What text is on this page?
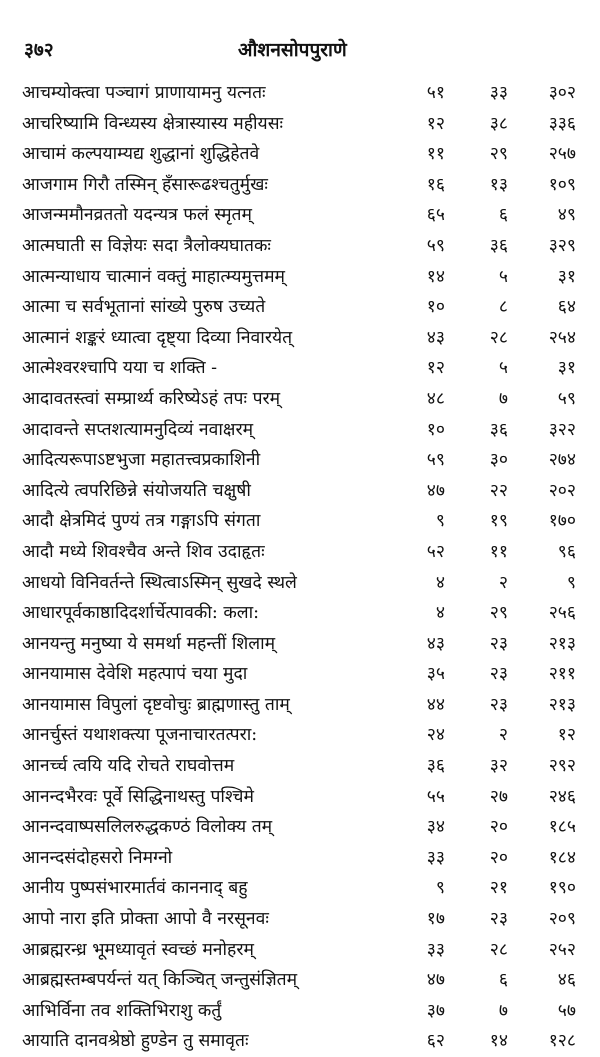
३७२	औशनसोपपुराणे
आचम्योक्त्वा पञ्चागं प्राणायामनु यत्नतः	५१	३३	३०२
आचरिष्यामि विन्ध्यस्य क्षेत्रास्यास्य महीयसः	१२	३८	३३६
आचामं कल्पयाम्यद्य शुद्धानां शुद्धिहेतवे	११	२९	२५७
आजगाम गिरौ तस्मिन् हँसारूढश्चतुर्मुखः	१६	१३	१०९
आजन्ममौनव्रततो यदन्यत्र फलं स्मृतम्	६५	६	४९
आत्मघाती स विज्ञेयः सदा त्रैलोक्यघातकः	५९	३६	३२९
आत्मन्याधाय चात्मानं वक्तुं माहात्म्यमुत्तमम्	१४	५	३१
आत्मा च सर्वभूतानां सांख्ये पुरुष उच्यते	१०	८	६४
आत्मानं शङ्करं ध्यात्वा दृष्ट्या दिव्या निवारयेत्	४३	२८	२५४
आत्मेश्वरश्चापि यया च शक्ति -	१२	५	३१
आदावतस्त्वां सम्प्रार्थ्य करिष्येऽहं तपः परम्	४८	७	५९
आदावन्ते सप्तशत्यामनुदिव्यं नवाक्षरम्	१०	३६	३२२
आदित्यरूपाऽष्टभुजा महातत्त्वप्रकाशिनी	५९	३०	२७४
आदित्ये त्वपरिछिन्ने संयोजयति चक्षुषी	४७	२२	२०२
आदौ क्षेत्रमिदं पुण्यं तत्र गङ्गाऽपि संगता	९	१९	१७०
आदौ मध्ये शिवश्चैव अन्ते शिव उदाहृतः	५२	११	९६
आधयो विनिवर्तन्ते स्थित्वाऽस्मिन् सुखदे स्थले	४	२	९
आधारपूर्वकाष्ठादिदर्शार्चेत्पावकी: कला:	४	२९	२५६
आनयन्तु मनुष्या ये समर्था महन्तीं शिलाम्	४३	२३	२१३
आनयामास देवेशि महत्पापं चया मुदा	३५	२३	२११
आनयामास विपुलां दृष्टवोचुः ब्राह्मणास्तु ताम्	४४	२३	२१३
आनर्चुस्तं यथाशक्त्या पूजनाचारतत्परा:	२४	२	१२
आनर्च्च त्वयि यदि रोचते राघवोत्तम	३६	३२	२९२
आनन्दभैरवः पूर्वे सिद्धिनाथस्तु पश्चिमे	५५	२७	२४६
आनन्दवाष्पसलिलरुद्धकण्ठं विलोक्य तम्	३४	२०	१८५
आनन्दसंदोहसरो निमग्नो	३३	२०	१८४
आनीय पुष्पसंभारमार्तवं काननाद् बहु	९	२१	१९०
आपो नारा इति प्रोक्ता आपो वै नरसूनवः	१७	२३	२०९
आब्रह्मरन्ध्र भूमध्यावृतं स्वच्छं मनोहरम्	३३	२८	२५२
आब्रह्मस्तम्बपर्यन्तं यत् किञ्चित् जन्तुसंज्ञितम्	४७	६	४६
आभिर्विना तव शक्तिभिराशु कर्तुं	३७	७	५७
आयाति दानवश्रेष्ठो हुण्डेन तु समावृतः	६२	१४	१२८
